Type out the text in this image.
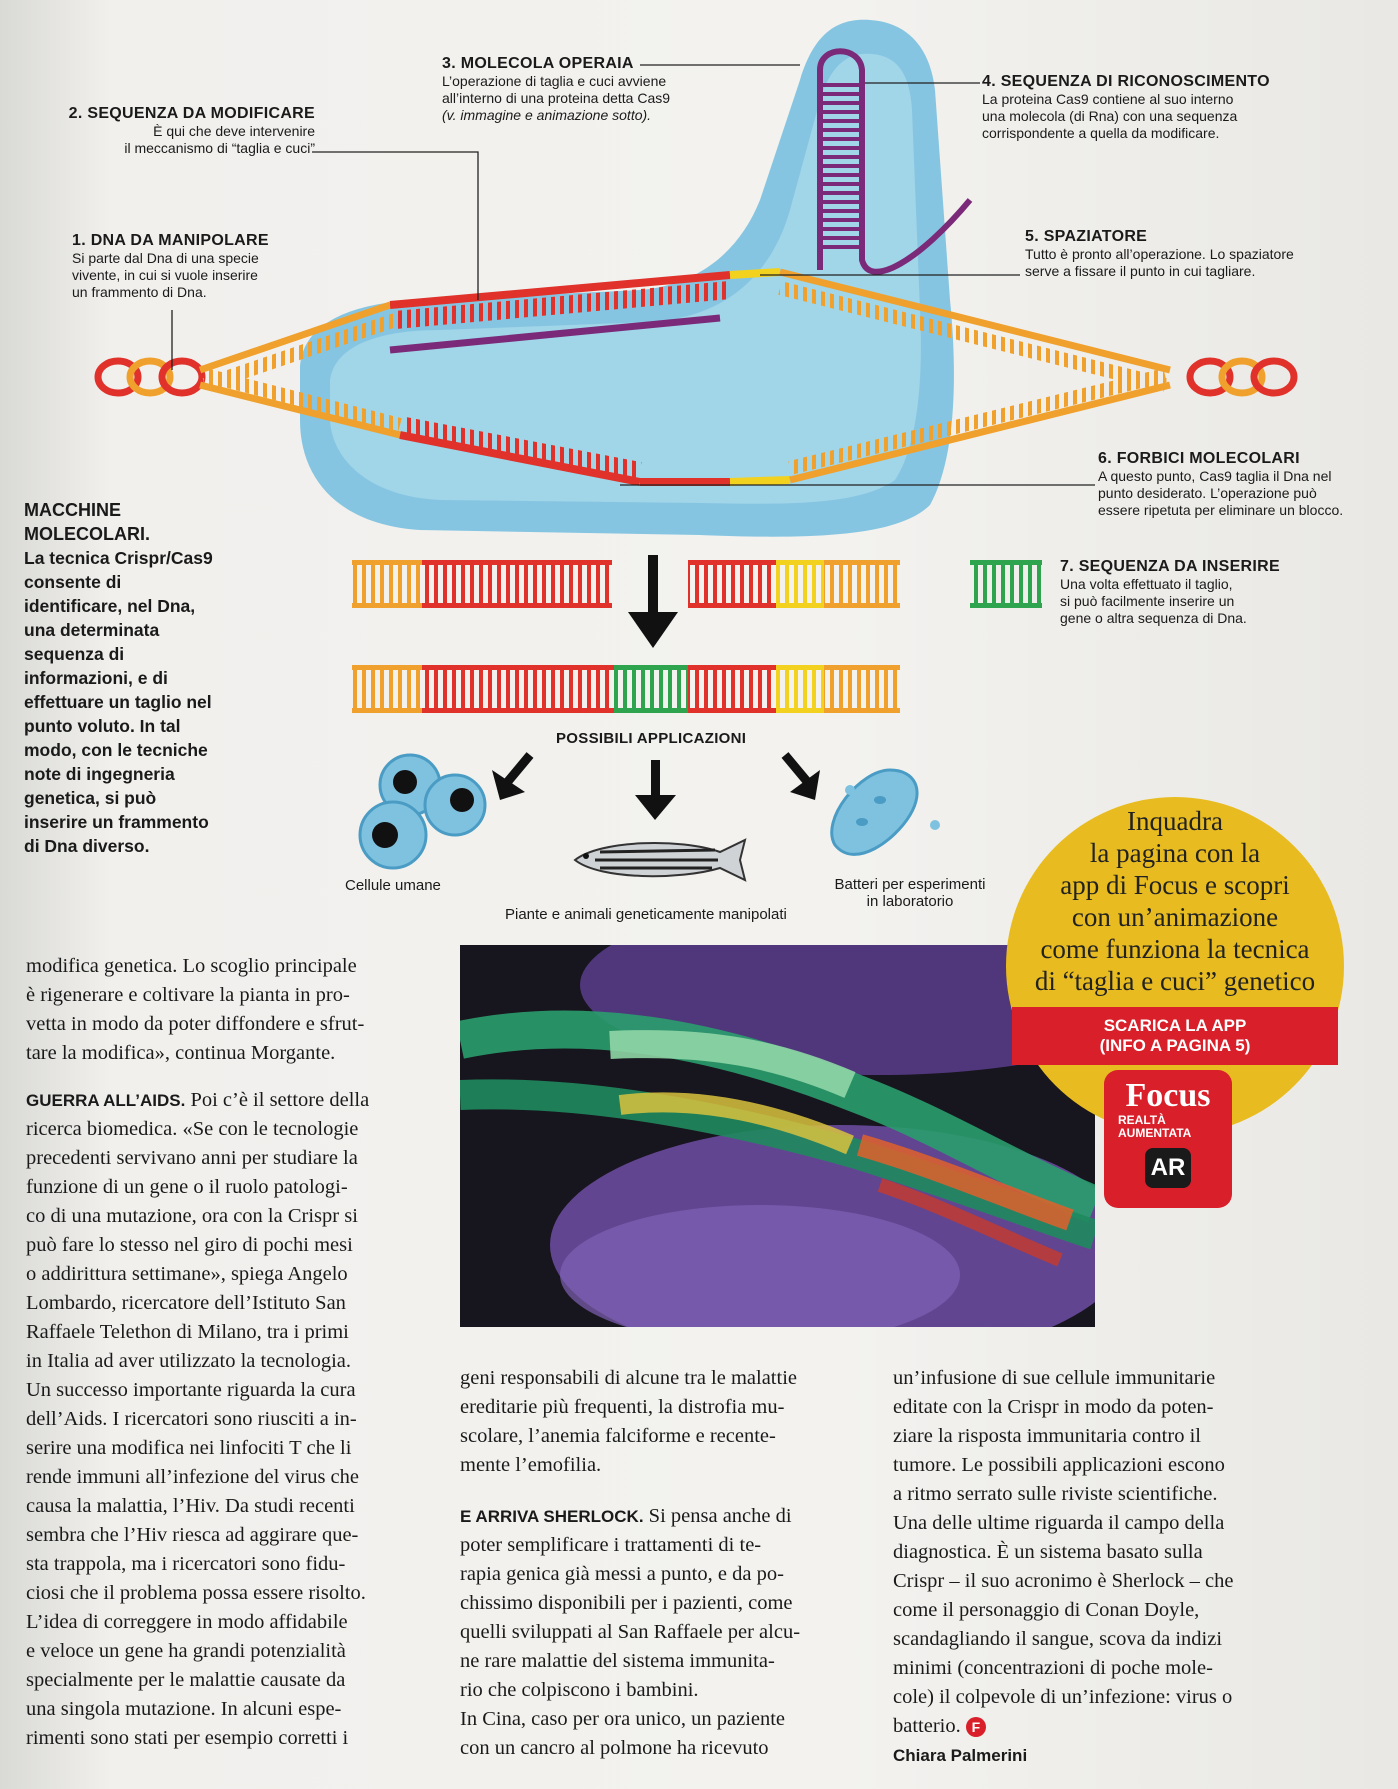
1. DNA DA MANIPOLARE
Si parte dal Dna di una specie
vivente, in cui si vuole inserire
un frammento di Dna.
2. SEQUENZA DA MODIFICARE
È qui che deve intervenire
il meccanismo di “taglia e cuci”
3. MOLECOLA OPERAIA
L’operazione di taglia e cuci avviene
all’interno di una proteina detta Cas9
(v. immagine e animazione sotto).
4. SEQUENZA DI RICONOSCIMENTO
La proteina Cas9 contiene al suo interno
una molecola (di Rna) con una sequenza
corrispondente a quella da modificare.
5. SPAZIATORE
Tutto è pronto all’operazione. Lo spaziatore
serve a fissare il punto in cui tagliare.
6. FORBICI MOLECOLARI
A questo punto, Cas9 taglia il Dna nel
punto desiderato. L’operazione può
essere ripetuta per eliminare un blocco.
7. SEQUENZA DA INSERIRE
Una volta effettuato il taglio,
si può facilmente inserire un
gene o altra sequenza di Dna.
MACCHINE
MOLECOLARI.
La tecnica Crispr/Cas9
consente di
identificare, nel Dna,
una determinata
sequenza di
informazioni, e di
effettuare un taglio nel
punto voluto. In tal
modo, con le tecniche
note di ingegneria
genetica, si può
inserire un frammento
di Dna diverso.
POSSIBILI APPLICAZIONI
Cellule umane
Piante e animali geneticamente manipolati
Batteri per esperimenti
in laboratorio
Inquadra
la pagina con la
app di Focus e scopri
con un’animazione
come funziona la tecnica
di “taglia e cuci” genetico
SCARICA LA APP
(INFO A PAGINA 5)
Focus
REALTÀ
AUMENTATA
AR
modifica genetica. Lo scoglio principale
è rigenerare e coltivare la pianta in pro-
vetta in modo da poter diffondere e sfrut-
tare la modifica», continua Morgante.
GUERRA ALL’AIDS. Poi c’è il settore della
ricerca biomedica. «Se con le tecnologie
precedenti servivano anni per studiare la
funzione di un gene o il ruolo patologi-
co di una mutazione, ora con la Crispr si
può fare lo stesso nel giro di pochi mesi
o addirittura settimane», spiega Angelo
Lombardo, ricercatore dell’Istituto San
Raffaele Telethon di Milano, tra i primi
in Italia ad aver utilizzato la tecnologia.
Un successo importante riguarda la cura
dell’Aids. I ricercatori sono riusciti a in-
serire una modifica nei linfociti T che li
rende immuni all’infezione del virus che
causa la malattia, l’Hiv. Da studi recenti
sembra che l’Hiv riesca ad aggirare que-
sta trappola, ma i ricercatori sono fidu-
ciosi che il problema possa essere risolto.
L’idea di correggere in modo affidabile
e veloce un gene ha grandi potenzialità
specialmente per le malattie causate da
una singola mutazione. In alcuni espe-
rimenti sono stati per esempio corretti i
geni responsabili di alcune tra le malattie
ereditarie più frequenti, la distrofia mu-
scolare, l’anemia falciforme e recente-
mente l’emofilia.
E ARRIVA SHERLOCK. Si pensa anche di
poter semplificare i trattamenti di te-
rapia genica già messi a punto, e da po-
chissimo disponibili per i pazienti, come
quelli sviluppati al San Raffaele per alcu-
ne rare malattie del sistema immunita-
rio che colpiscono i bambini.
In Cina, caso per ora unico, un paziente
con un cancro al polmone ha ricevuto
un’infusione di sue cellule immunitarie
editate con la Crispr in modo da poten-
ziare la risposta immunitaria contro il
tumore. Le possibili applicazioni escono
a ritmo serrato sulle riviste scientifiche.
Una delle ultime riguarda il campo della
diagnostica. È un sistema basato sulla
Crispr – il suo acronimo è Sherlock – che
come il personaggio di Conan Doyle,
scandagliando il sangue, scova da indizi
minimi (concentrazioni di poche mole-
cole) il colpevole di un’infezione: virus o
batterio. F
Chiara Palmerini
